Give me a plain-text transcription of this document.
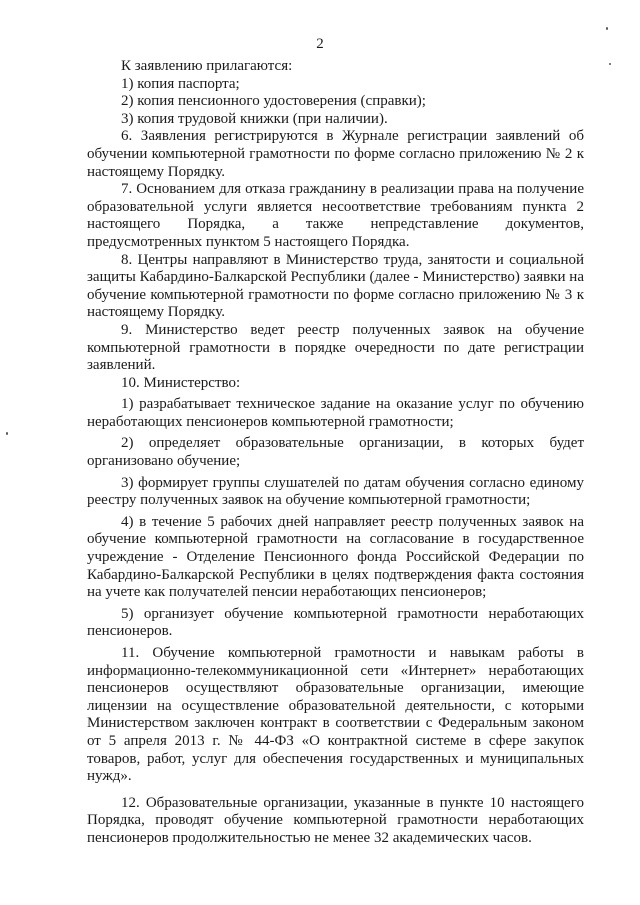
2

К заявлению прилагаются:

1) копия паспорта;

2) копия пенсионного удостоверения (справки);

3) копия трудовой книжки (при наличии).

6. Заявления регистрируются в Журнале регистрации заявлений об обучении компьютерной грамотности по форме согласно приложению № 2 к настоящему Порядку.

7. Основанием для отказа гражданину в реализации права на получение образовательной услуги является несоответствие требованиям пункта 2 настоящего Порядка, а также непредставление документов, предусмотренных пунктом 5 настоящего Порядка.

8. Центры направляют в Министерство труда, занятости и социальной защиты Кабардино-Балкарской Республики (далее - Министерство) заявки на обучение компьютерной грамотности по форме согласно приложению № 3 к настоящему Порядку.

9. Министерство ведет реестр полученных заявок на обучение компьютерной грамотности в порядке очередности по дате регистрации заявлений.

10. Министерство:

1) разрабатывает техническое задание на оказание услуг по обучению неработающих пенсионеров компьютерной грамотности;

2) определяет образовательные организации, в которых будет организовано обучение;

3) формирует группы слушателей по датам обучения согласно единому реестру полученных заявок на обучение компьютерной грамотности;

4) в течение 5 рабочих дней направляет реестр полученных заявок на обучение компьютерной грамотности на согласование в государственное учреждение - Отделение Пенсионного фонда Российской Федерации по Кабардино-Балкарской Республики в целях подтверждения факта состояния на учете как получателей пенсии неработающих пенсионеров;

5) организует обучение компьютерной грамотности неработающих пенсионеров.

11. Обучение компьютерной грамотности и навыкам работы в информационно-телекоммуникационной сети «Интернет» неработающих пенсионеров осуществляют образовательные организации, имеющие лицензии на осуществление образовательной деятельности, с которыми Министерством заключен контракт в соответствии с Федеральным законом от 5 апреля 2013 г. № 44-ФЗ «О контрактной системе в сфере закупок товаров, работ, услуг для обеспечения государственных и муниципальных нужд».

12. Образовательные организации, указанные в пункте 10 настоящего Порядка, проводят обучение компьютерной грамотности неработающих пенсионеров продолжительностью не менее 32 академических часов.
